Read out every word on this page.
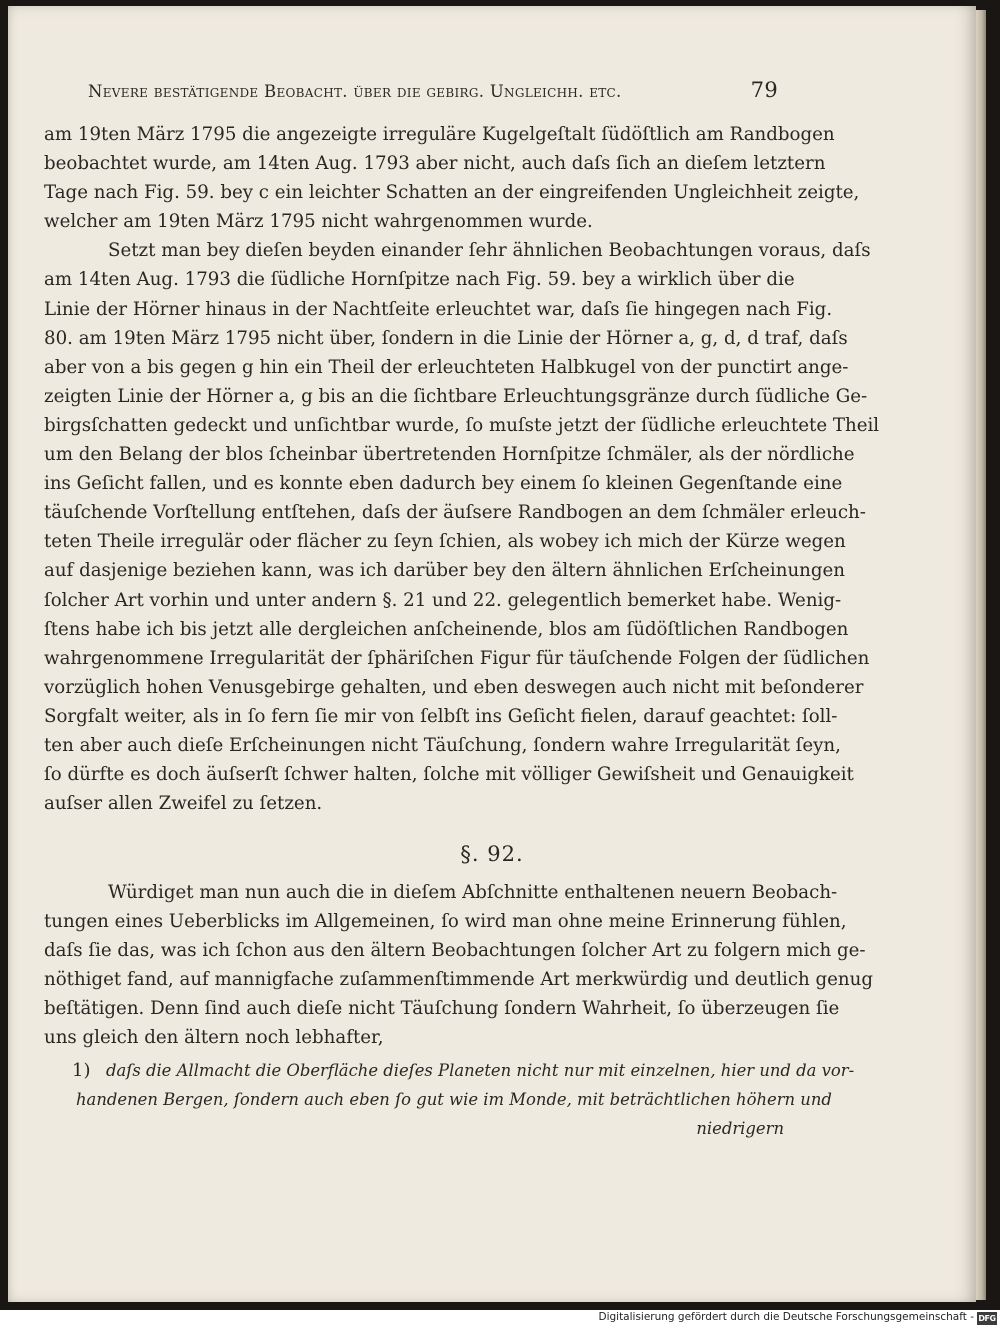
Nevere bestätigende Beobacht. über die gebirg. Ungleichh. etc.	79
am 19ten März 1795 die angezeigte irreguläre Kugelgeſtalt ſüdöſtlich am Randbogen
beobachtet wurde, am 14ten Aug. 1793 aber nicht, auch daſs ſich an dieſem letztern
Tage nach Fig. 59. bey c ein leichter Schatten an der eingreifenden Ungleichheit zeigte,
welcher am 19ten März 1795 nicht wahrgenommen wurde.
Setzt man bey dieſen beyden einander ſehr ähnlichen Beobachtungen voraus, daſs
am 14ten Aug. 1793 die ſüdliche Hornſpitze nach Fig. 59. bey a wirklich über die
Linie der Hörner hinaus in der Nachtſeite erleuchtet war, daſs ſie hingegen nach Fig.
80. am 19ten März 1795 nicht über, ſondern in die Linie der Hörner a, g, d, d traf, daſs
aber von a bis gegen g hin ein Theil der erleuchteten Halbkugel von der punctirt ange-
zeigten Linie der Hörner a, g bis an die ſichtbare Erleuchtungsgränze durch ſüdliche Ge-
birgsſchatten gedeckt und unſichtbar wurde, ſo muſste jetzt der ſüdliche erleuchtete Theil
um den Belang der blos ſcheinbar übertretenden Hornſpitze ſchmäler, als der nördliche
ins Geſicht fallen, und es konnte eben dadurch bey einem ſo kleinen Gegenſtande eine
täuſchende Vorſtellung entſtehen, daſs der äuſsere Randbogen an dem ſchmäler erleuch-
teten Theile irregulär oder flächer zu ſeyn ſchien, als wobey ich mich der Kürze wegen
auf dasjenige beziehen kann, was ich darüber bey den ältern ähnlichen Erſcheinungen
ſolcher Art vorhin und unter andern §. 21 und 22. gelegentlich bemerket habe. Wenig-
ſtens habe ich bis jetzt alle dergleichen anſcheinende, blos am ſüdöſtlichen Randbogen
wahrgenommene Irregularität der ſphäriſchen Figur für täuſchende Folgen der ſüdlichen
vorzüglich hohen Venusgebirge gehalten, und eben deswegen auch nicht mit beſonderer
Sorgfalt weiter, als in ſo fern ſie mir von ſelbſt ins Geſicht fielen, darauf geachtet: ſoll-
ten aber auch dieſe Erſcheinungen nicht Täuſchung, ſondern wahre Irregularität ſeyn,
ſo dürfte es doch äuſserſt ſchwer halten, ſolche mit völliger Gewiſsheit und Genauigkeit
auſser allen Zweifel zu ſetzen.
§. 92.
Würdiget man nun auch die in dieſem Abſchnitte enthaltenen neuern Beobach-
tungen eines Ueberblicks im Allgemeinen, ſo wird man ohne meine Erinnerung fühlen,
daſs ſie das, was ich ſchon aus den ältern Beobachtungen ſolcher Art zu folgern mich ge-
nöthiget fand, auf mannigfache zuſammenſtimmende Art merkwürdig und deutlich genug
beſtätigen. Denn ſind auch dieſe nicht Täuſchung ſondern Wahrheit, ſo überzeugen ſie
uns gleich den ältern noch lebhafter,
1) daſs die Allmacht die Oberfläche dieſes Planeten nicht nur mit einzelnen, hier und da vor-
handenen Bergen, ſondern auch eben ſo gut wie im Monde, mit beträchtlichen höhern und
niedrigern
Digitalisierung gefördert durch die Deutsche Forschungsgemeinschaft - DFG
